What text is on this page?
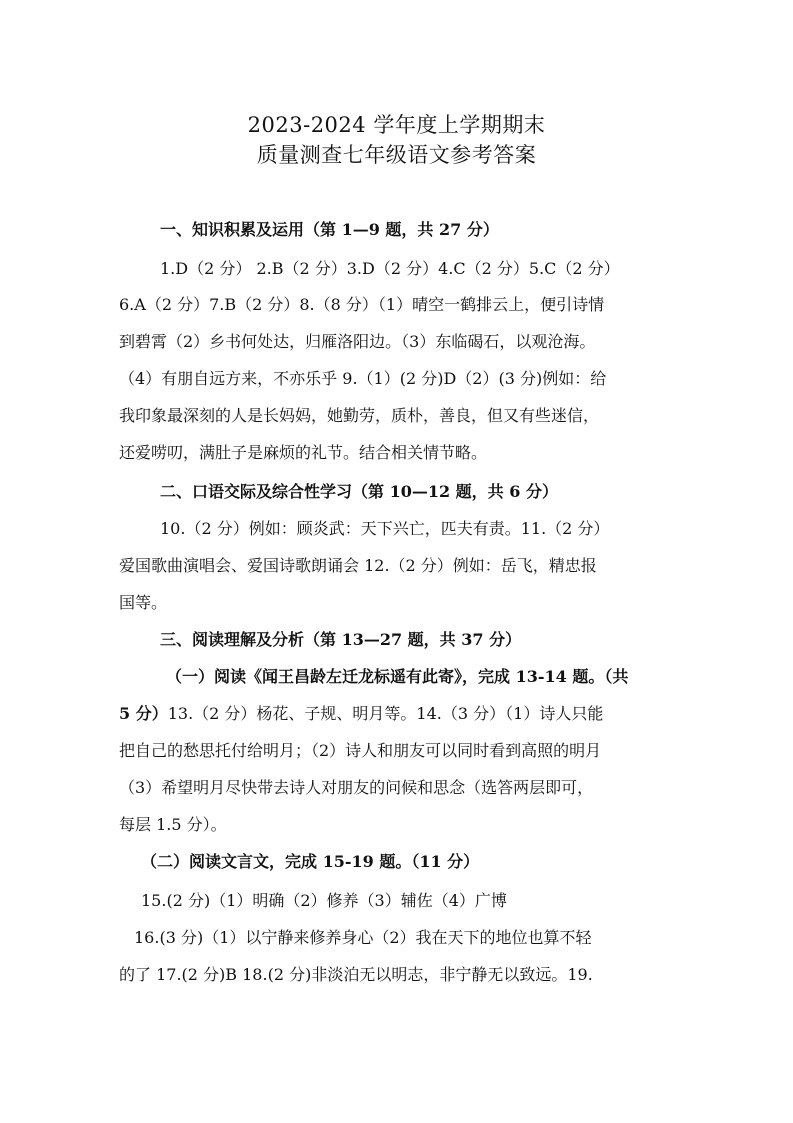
2023-2024 学年度上学期期末
质量测查七年级语文参考答案
一、知识积累及运用（第 1—9 题，共 27 分）
1.D（2 分） 2.B（2 分）3.D（2 分）4.C（2 分）5.C（2 分）
6.A（2 分）7.B（2 分）8.（8 分）（1）晴空一鹤排云上，便引诗情
到碧霄（2）乡书何处达，归雁洛阳边。（3）东临碣石，以观沧海。
（4）有朋自远方来，不亦乐乎 9.（1）(2 分)D（2）(3 分)例如：给
我印象最深刻的人是长妈妈，她勤劳，质朴，善良，但又有些迷信，
还爱唠叨，满肚子是麻烦的礼节。结合相关情节略。
二、口语交际及综合性学习（第 10—12 题，共 6 分）
10.（2 分）例如：顾炎武：天下兴亡，匹夫有责。11.（2 分）
爱国歌曲演唱会、爱国诗歌朗诵会 12.（2 分）例如：岳飞，精忠报
国等。
三、阅读理解及分析（第 13—27 题，共 37 分）
（一）阅读《闻王昌龄左迁龙标遥有此寄》，完成 13-14 题。（共
5 分）13.（2 分）杨花、子规、明月等。14.（3 分）（1）诗人只能
把自己的愁思托付给明月；（2）诗人和朋友可以同时看到高照的明月
（3）希望明月尽快带去诗人对朋友的问候和思念（选答两层即可，
每层 1.5 分）。
（二）阅读文言文，完成 15-19 题。（11 分）
15.(2 分)（1）明确（2）修养（3）辅佐（4）广博
16.(3 分)（1）以宁静来修养身心（2）我在天下的地位也算不轻
的了 17.(2 分)B 18.(2 分)非淡泊无以明志，非宁静无以致远。19.
